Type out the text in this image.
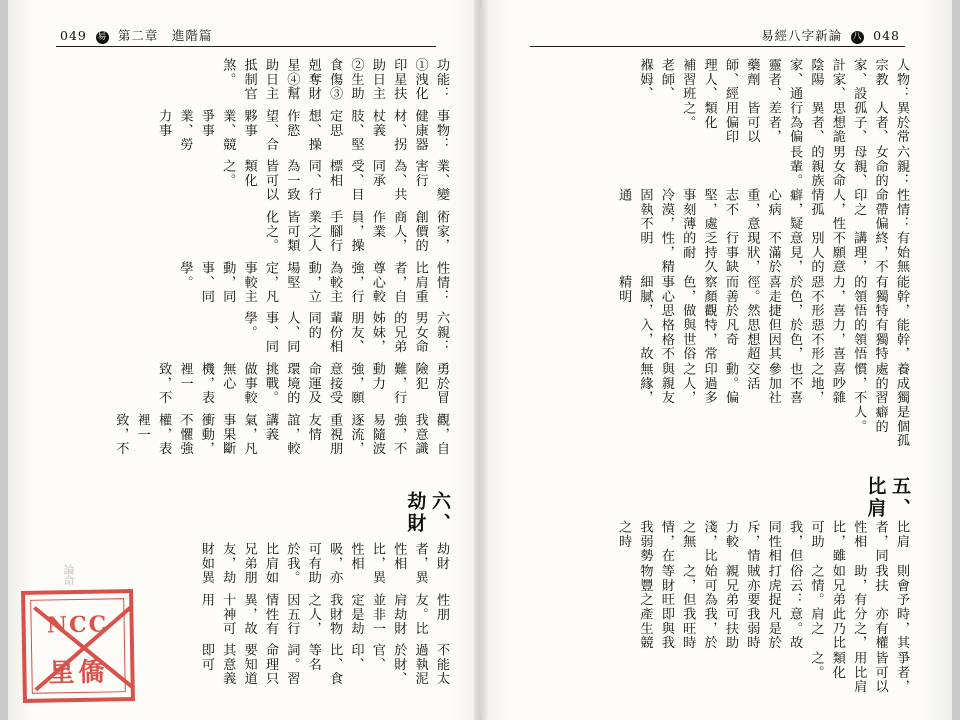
049 易 第二章　進階篇	易經八字新論 八 048
不能太過執泥於財、官、印、比、食等名詞。習命理只要知道其意義即可
性朋友。比肩劫財並非一定是劫我財物之人，因五行情性有異，故十神可用
劫財者，異性相比，異性相吸，亦可有助於我。比肩如兄弟朋友，劫財如異
六、劫財
觀，自我意識強，不易隨波逐流，重視朋友情誼，較講義氣，凡事果斷衝動，不懼強權，表裡一致，不
勇於冒險犯難，行動力強，願意接受命運及環境的挑戰。做事較無心機，表裡一致，不
六親：男女命的兄弟姊妹，朋友、輩份相同的人、同事、同學。
性情：比肩重者，自尊心較強，行為較主動，立場堅定，凡事較主動，同事、同學。
術家，創價的商人，作業員，操手腳行業之人皆可類化之。
業、變害行為、共同承受、目標相同、行為一致皆可以類化之。
事物：健康器材、拐杖義肢、堅定思想、操作慾望、合夥事業、競爭事業、勞力事
功能：①洩化印星扶助日主②生助食傷③剋奪財星④幫助日主抵制官煞。
爭者，皆可以用比肩類化之。
時，其亦有權分之，此乃比肩之意。故凡是於我弱時可扶助我，於我旺時即與我產生競
則會予我扶助，有如兄弟之情。俗云：打虎捉賊亦要親兄弟始可為之，但等財旺物豐之
比肩者，同性相比，雖可助我，但同性相斥，情力較淺，比之無情，在我弱勢之時
五、比肩
是個孤癖的人。
養成獨處的習慣，不喜吵雜之地，也不喜參加社交活動。偏印過多之人，與親友無緣，
能幹，有獨特的領悟力，喜惡不形於色，但因其思想超凡奇特，常與世俗格格不入，故
能幹，有獨特的領悟力，喜惡不形於色，喜走捷徑。然而善於察顏觀色，做事心思細膩，精明
有始無終，不講理，不願意別人的意見，不滿於現狀，行事缺乏持久的耐性，精明
性情：命帶偏印之人，性情孤癖，疑心病重，意志不堅，處事刻薄冷漠，固執不通
六親：女命的母親、男女命的親族長輩。
異於常人者、孤子、思想詭異者、行為偏差者，皆可以用偏印類化之。
人物：宗教家、設計家、陰陽家、通靈者、藥劑師、經理人、補習班老師、褓姆、
論命
NCC
星僑
